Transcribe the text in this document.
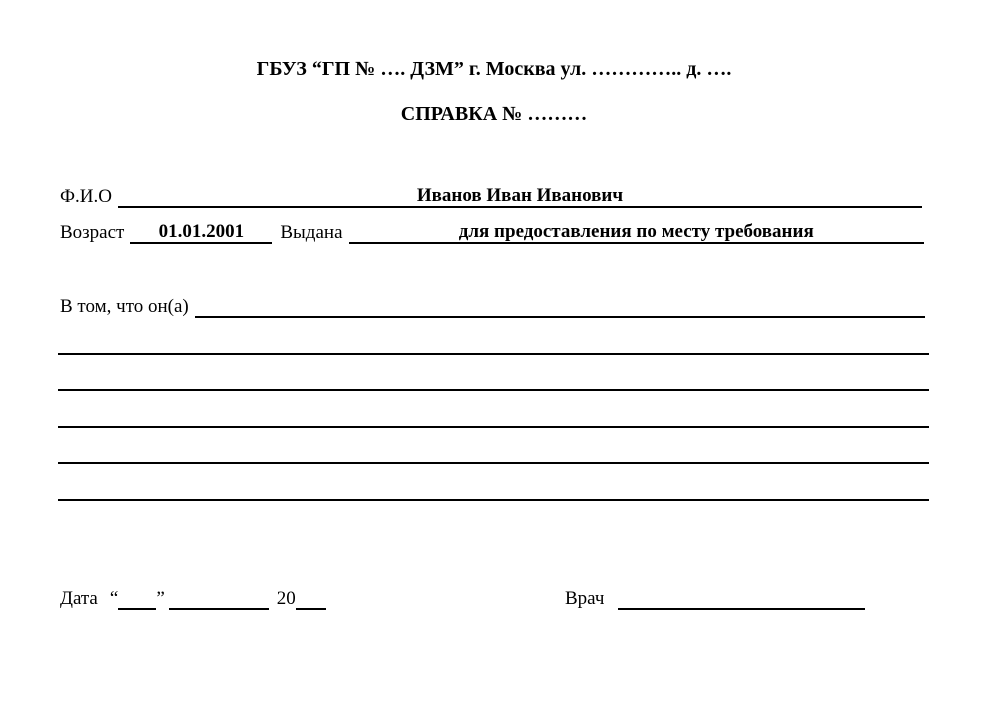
ГБУЗ “ГП № …. ДЗМ” г. Москва ул. ………….. д. ….
СПРАВКА № ………
Ф.И.О	Иванов Иван Иванович
Возраст	01.01.2001	Выдана	для предоставления по месту требования
В том, что он(а)
Дата “ ”	20	Врач
